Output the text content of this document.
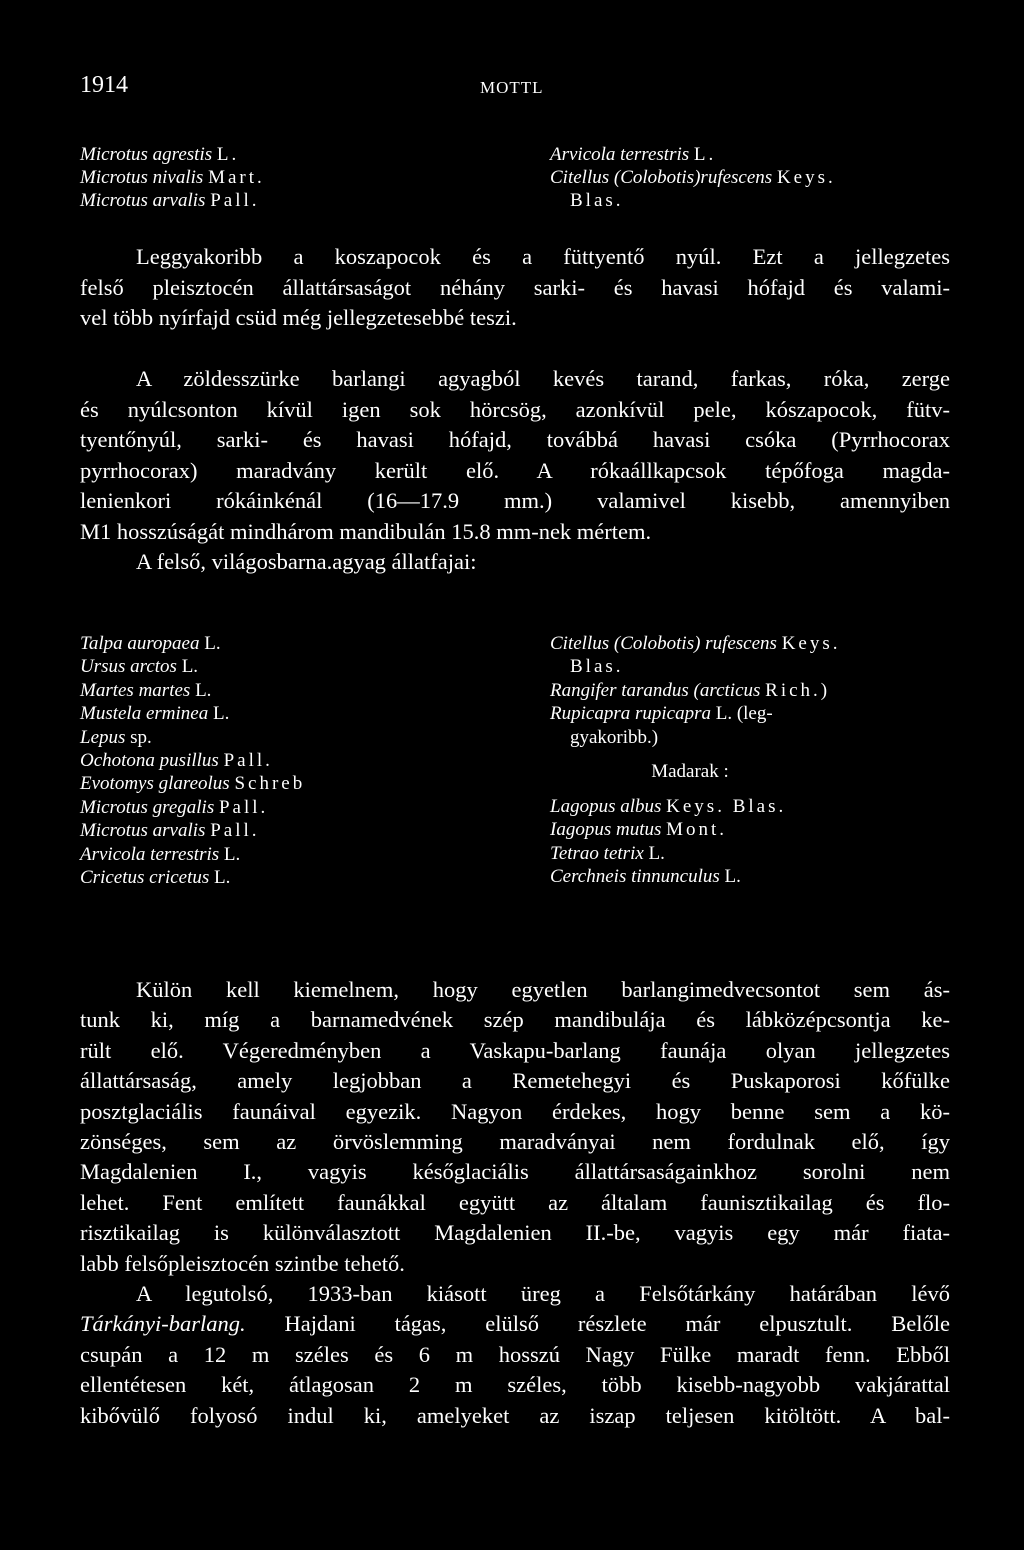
1914	MOTTL
Microtus agrestis L.
Microtus nivalis Mart.
Microtus arvalis Pall.
Arvicola terrestris L.
Citellus (Colobotis)rufescens Keys.
Blas.

Leggyakoribb a koszapocok és a füttyentő nyúl. Ezt a jellegzetes

felső pleisztocén állattársaságot néhány sarki- és havasi hófajd és valami-

vel több nyírfajd csüd még jellegzetesebbé teszi.

A zöldesszürke barlangi agyagból kevés tarand, farkas, róka, zerge

és nyúlcsonton kívül igen sok hörcsög, azonkívül pele, kószapocok, fütv-

tyentőnyúl, sarki- és havasi hófajd, továbbá havasi csóka (Pyrrhocorax

pyrrhocorax) maradvány került elő. A rókaállkapcsok tépőfoga magda-

lenienkori rókáinkénál (16—17.9 mm.) valamivel kisebb, amennyiben

M1 hosszúságát mindhárom mandibulán 15.8 mm-nek mértem.

A felső, világosbarna.agyag állatfajai:

Talpa auropaea L.
Ursus arctos L.
Martes martes L.
Mustela erminea L.
Lepus sp.
Ochotona pusillus Pall.
Evotomys glareolus Schreb
Microtus gregalis Pall.
Microtus arvalis Pall.
Arvicola terrestris L.
Cricetus cricetus L.
Citellus (Colobotis) rufescens Keys.
Blas.
Rangifer tarandus (arcticus Rich.)
Rupicapra rupicapra L. (leg-
gyakoribb.)
Madarak :
Lagopus albus Keys. Blas.
Iagopus mutus Mont.
Tetrao tetrix L.
Cerchneis tinnunculus L.

Külön kell kiemelnem, hogy egyetlen barlangimedvecsontot sem ás-

tunk ki, míg a barnamedvének szép mandibulája és lábközépcsontja ke-

rült elő. Végeredményben a Vaskapu-barlang faunája olyan jellegzetes

állattársaság, amely legjobban a Remetehegyi és Puskaporosi kőfülke

posztglaciális faunáival egyezik. Nagyon érdekes, hogy benne sem a kö-

zönséges, sem az örvöslemming maradványai nem fordulnak elő, így

Magdalenien I., vagyis későglaciális állattársaságainkhoz sorolni nem

lehet. Fent említett faunákkal együtt az általam faunisztikailag és flo-

risztikailag is különválasztott Magdalenien II.-be, vagyis egy már fiata-

labb felsőpleisztocén szintbe tehető.

A legutolsó, 1933-ban kiásott üreg a Felsőtárkány határában lévő

Tárkányi-barlang. Hajdani tágas, elülső részlete már elpusztult. Belőle

csupán a 12 m széles és 6 m hosszú Nagy Fülke maradt fenn. Ebből

ellentétesen két, átlagosan 2 m széles, több kisebb-nagyobb vakjárattal

kibővülő folyosó indul ki, amelyeket az iszap teljesen kitöltött. A bal-
